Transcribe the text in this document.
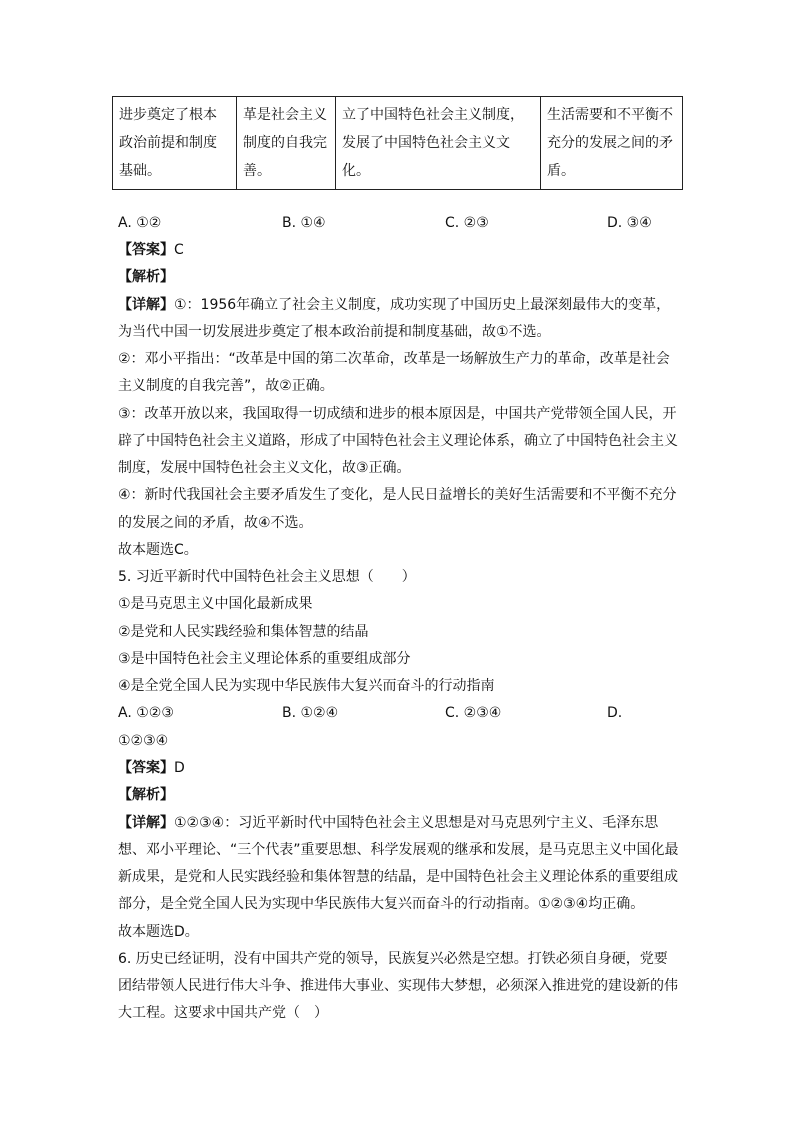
进步奠定了根本政治前提和制度基础。	革是社会主义制度的自我完善。	立了中国特色社会主义制度，发展了中国特色社会主义文化。	生活需要和不平衡不充分的发展之间的矛盾。
A. ①②	B. ①④	C. ②③	D. ③④
【答案】C
【解析】
【详解】①：1956年确立了社会主义制度，成功实现了中国历史上最深刻最伟大的变革，
为当代中国一切发展进步奠定了根本政治前提和制度基础，故①不选。
②：邓小平指出：“改革是中国的第二次革命，改革是一场解放生产力的革命，改革是社会
主义制度的自我完善”，故②正确。
③：改革开放以来，我国取得一切成绩和进步的根本原因是，中国共产党带领全国人民，开
辟了中国特色社会主义道路，形成了中国特色社会主义理论体系，确立了中国特色社会主义
制度，发展中国特色社会主义文化，故③正确。
④：新时代我国社会主要矛盾发生了变化，是人民日益增长的美好生活需要和不平衡不充分
的发展之间的矛盾，故④不选。
故本题选C。
5. 习近平新时代中国特色社会主义思想（　　）
①是马克思主义中国化最新成果
②是党和人民实践经验和集体智慧的结晶
③是中国特色社会主义理论体系的重要组成部分
④是全党全国人民为实现中华民族伟大复兴而奋斗的行动指南
A. ①②③	B. ①②④	C. ②③④	D.
①②③④
【答案】D
【解析】
【详解】①②③④：习近平新时代中国特色社会主义思想是对马克思列宁主义、毛泽东思
想、邓小平理论、“三个代表”重要思想、科学发展观的继承和发展，是马克思主义中国化最
新成果，是党和人民实践经验和集体智慧的结晶，是中国特色社会主义理论体系的重要组成
部分，是全党全国人民为实现中华民族伟大复兴而奋斗的行动指南。①②③④均正确。
故本题选D。
6. 历史已经证明，没有中国共产党的领导，民族复兴必然是空想。打铁必须自身硬，党要
团结带领人民进行伟大斗争、推进伟大事业、实现伟大梦想，必须深入推进党的建设新的伟
大工程。这要求中国共产党（　）
